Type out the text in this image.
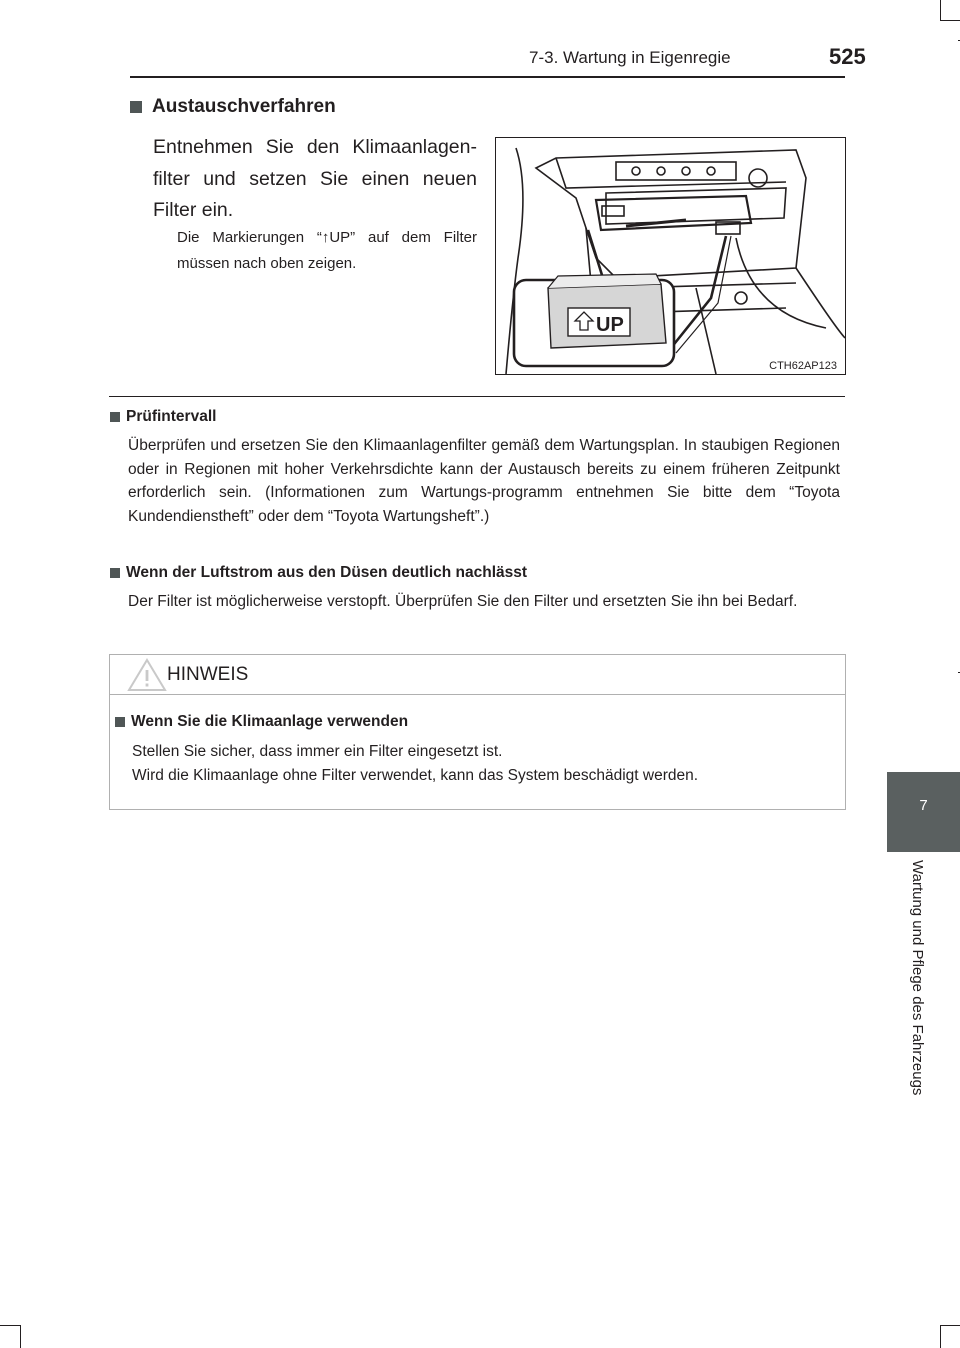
7-3. Wartung in Eigenregie	525
7
Wartung und Pflege des Fahrzeugs
Austauschverfahren
Entnehmen Sie den Klimaanlagen-filter und setzen Sie einen neuen Filter ein.
Die Markierungen “↑UP” auf dem Filter müssen nach oben zeigen.
UP
CTH62AP123
Prüfintervall
Überprüfen und ersetzen Sie den Klimaanlagenfilter gemäß dem Wartungsplan. In staubigen Regionen oder in Regionen mit hoher Verkehrsdichte kann der Austausch bereits zu einem früheren Zeitpunkt erforderlich sein. (Informationen zum Wartungs-programm entnehmen Sie bitte dem “Toyota Kundendienstheft” oder dem “Toyota Wartungsheft”.)
Wenn der Luftstrom aus den Düsen deutlich nachlässt
Der Filter ist möglicherweise verstopft. Überprüfen Sie den Filter und ersetzten Sie ihn bei Bedarf.
HINWEIS
Wenn Sie die Klimaanlage verwenden
Stellen Sie sicher, dass immer ein Filter eingesetzt ist.
Wird die Klimaanlage ohne Filter verwendet, kann das System beschädigt werden.
